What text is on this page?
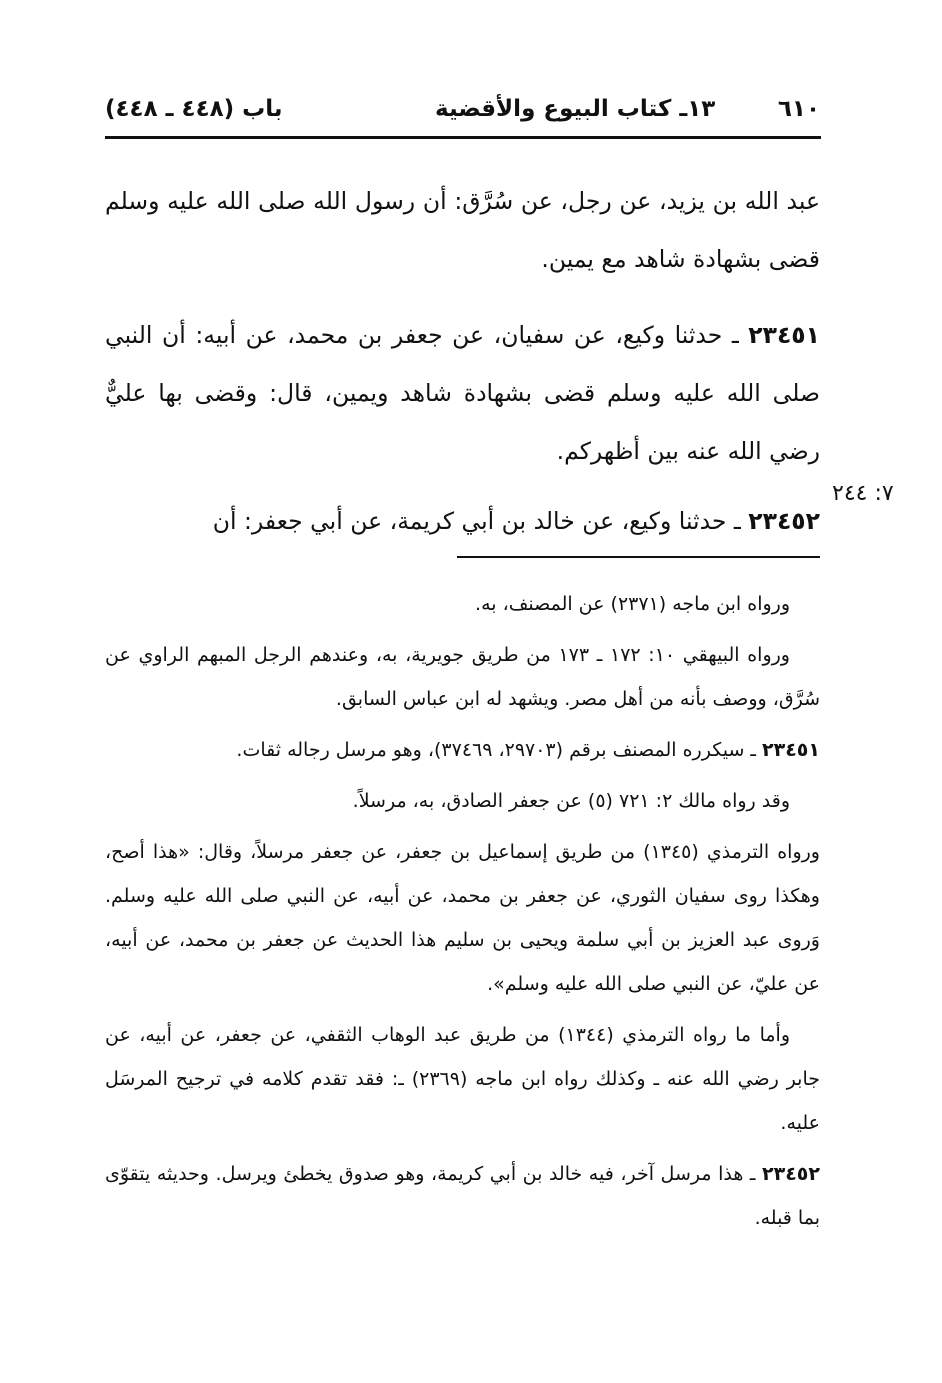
٦١٠
١٣ـ كتاب البيوع والأقضية
باب (٤٤٨ ـ ٤٤٨)

عبد الله بن يزيد، عن رجل، عن سُرَّق: أن رسول الله صلى الله عليه وسلم قضى بشهادة شاهد مع يمين.

٢٣٤٥١ ـ حدثنا وكيع، عن سفيان، عن جعفر بن محمد، عن أبيه: أن النبي صلى الله عليه وسلم قضى بشهادة شاهد ويمين، قال: وقضى بها عليٌّ رضي الله عنه بين أظهركم.

٢٣٤٥٢ ـ حدثنا وكيع، عن خالد بن أبي كريمة، عن أبي جعفر: أن

٧: ٢٤٤

ورواه ابن ماجه (٢٣٧١) عن المصنف، به.

ورواه البيهقي ١٠: ١٧٢ ـ ١٧٣ من طريق جويرية، به، وعندهم الرجل المبهم الراوي عن سُرَّق، ووصف بأنه من أهل مصر. ويشهد له ابن عباس السابق.

٢٣٤٥١ ـ سيكرره المصنف برقم (٢٩٧٠٣، ٣٧٤٦٩)، وهو مرسل رجاله ثقات.

وقد رواه مالك ٢: ٧٢١ (٥) عن جعفر الصادق، به، مرسلاً.

ورواه الترمذي (١٣٤٥) من طريق إسماعيل بن جعفر، عن جعفر مرسلاً، وقال: «هذا أصح، وهكذا روى سفيان الثوري، عن جعفر بن محمد، عن أبيه، عن النبي صلى الله عليه وسلم. وَروى عبد العزيز بن أبي سلمة ويحيى بن سليم هذا الحديث عن جعفر بن محمد، عن أبيه، عن عليّ، عن النبي صلى الله عليه وسلم».

وأما ما رواه الترمذي (١٣٤٤) من طريق عبد الوهاب الثقفي، عن جعفر، عن أبيه، عن جابر رضي الله عنه ـ وكذلك رواه ابن ماجه (٢٣٦٩) ـ: فقد تقدم كلامه في ترجيح المرسَل عليه.

٢٣٤٥٢ ـ هذا مرسل آخر، فيه خالد بن أبي كريمة، وهو صدوق يخطئ ويرسل. وحديثه يتقوّى بما قبله.
